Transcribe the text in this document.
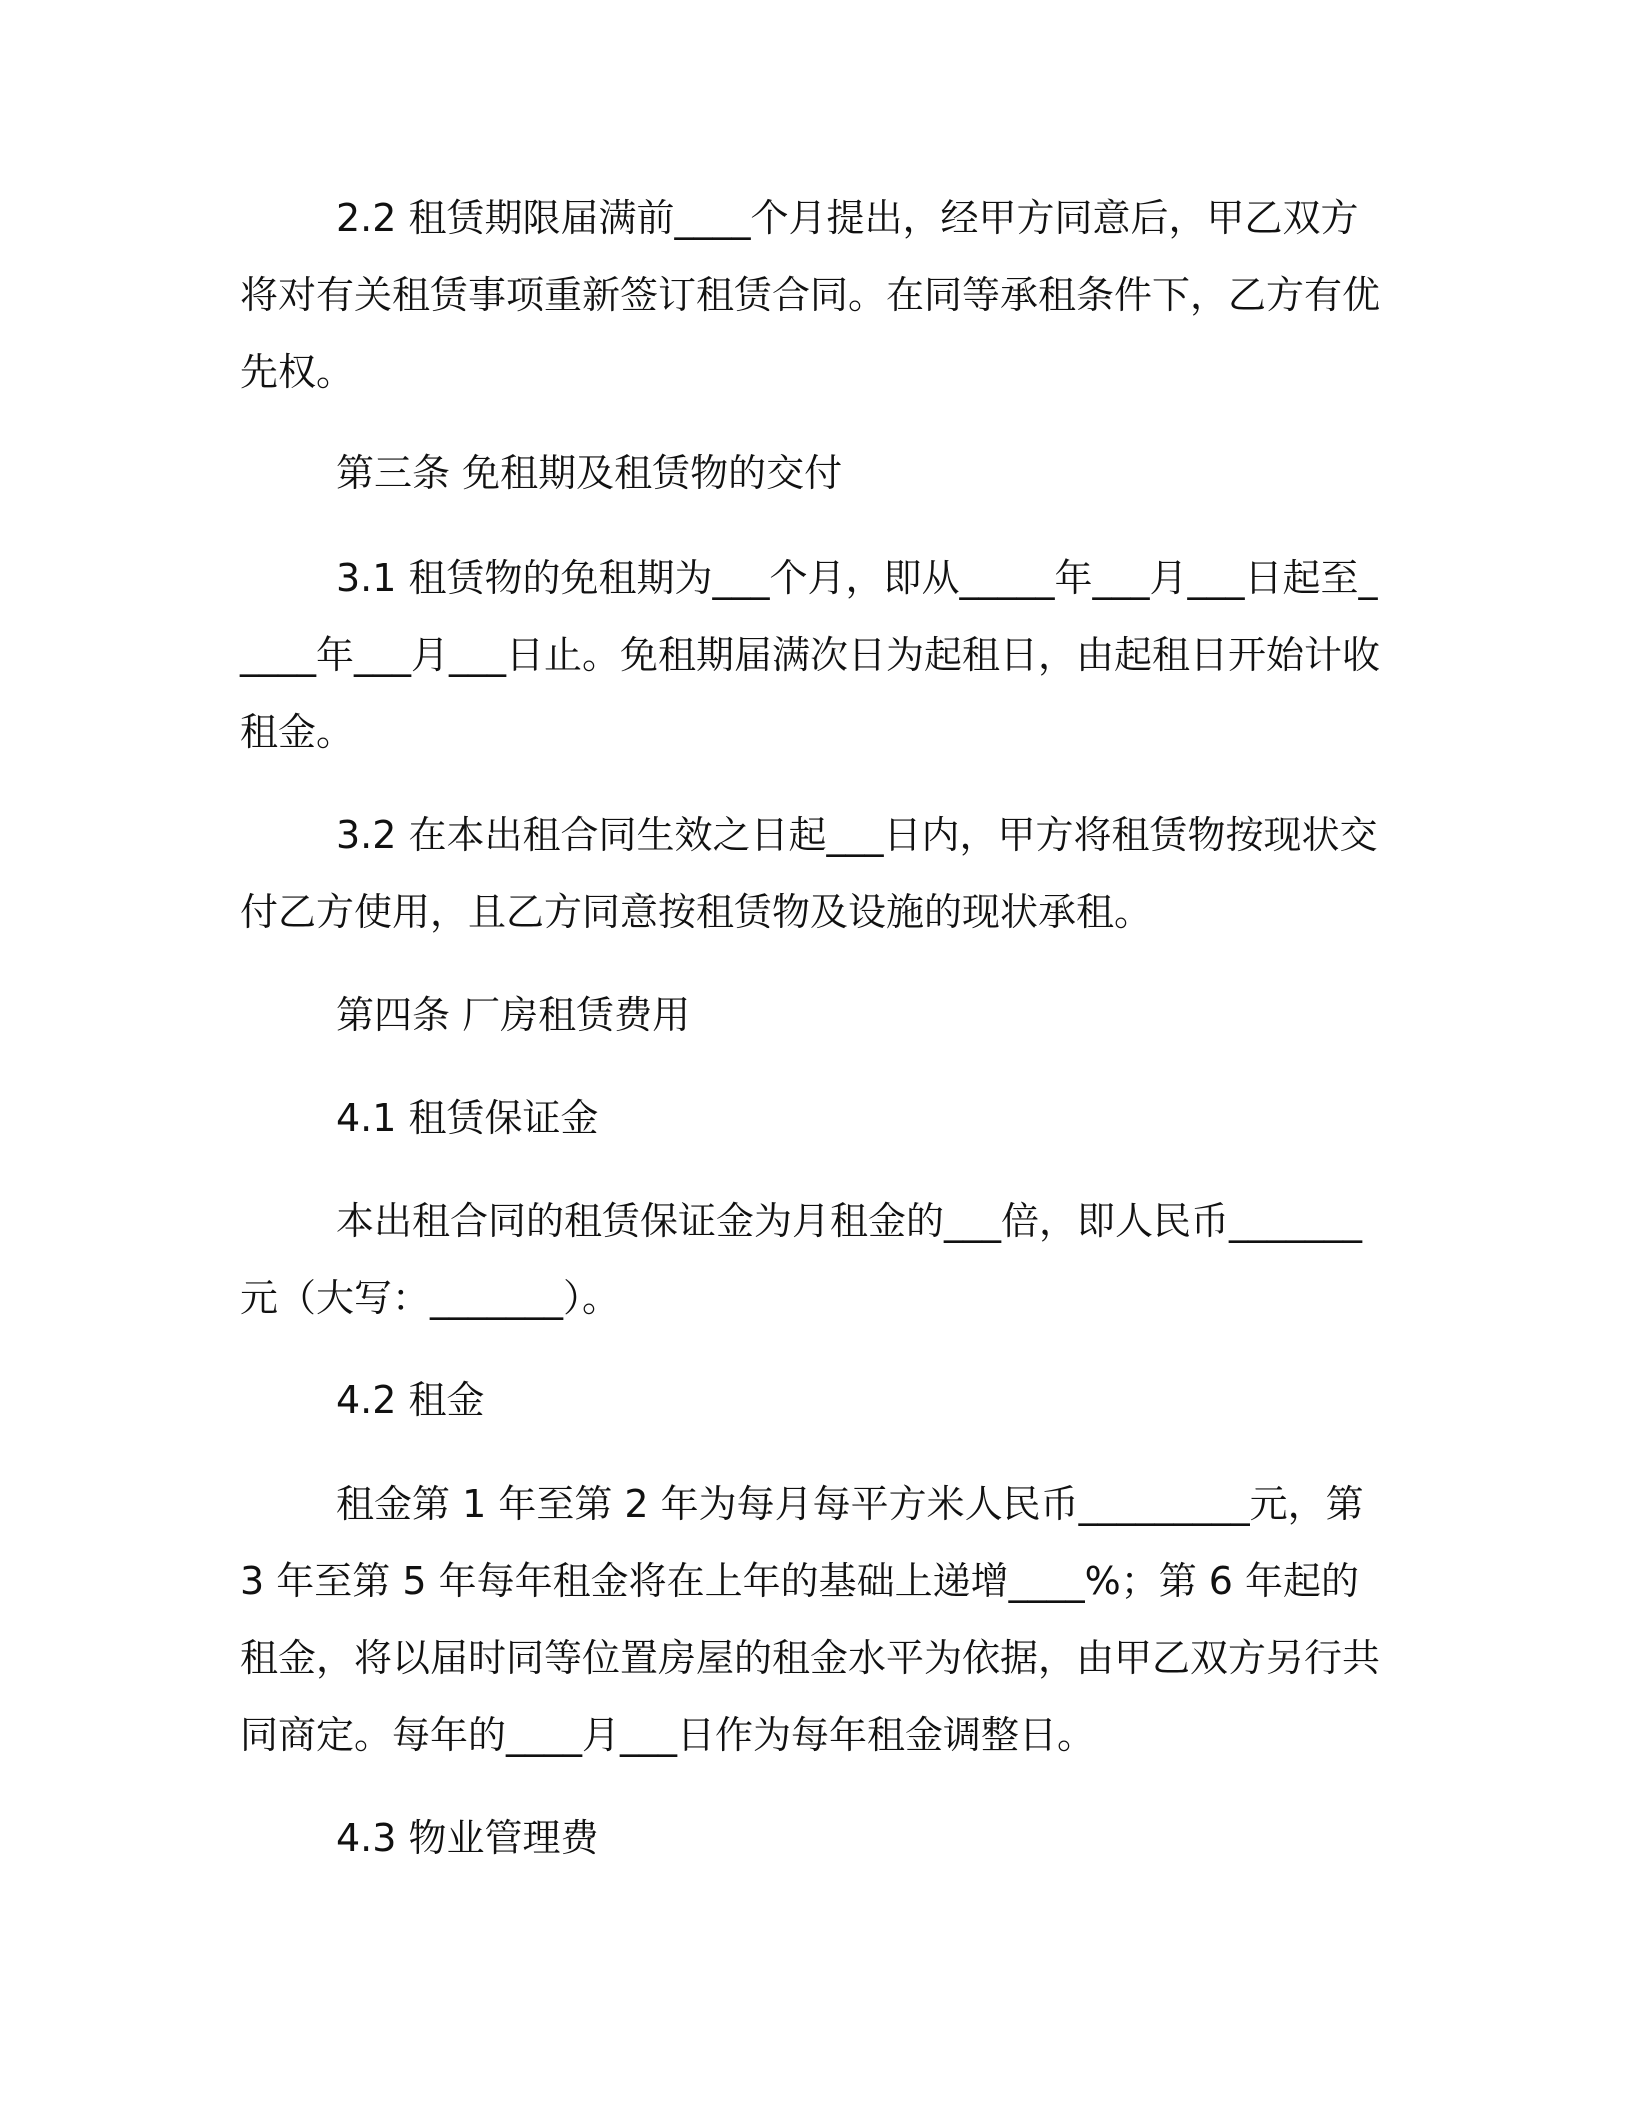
2.2 租赁期限届满前____个月提出，经甲方同意后，甲乙双方将对有关租赁事项重新签订租赁合同。在同等承租条件下，乙方有优先权。

第三条 免租期及租赁物的交付

3.1 租赁物的免租期为___个月，即从_____年___月___日起至_____年___月___日止。免租期届满次日为起租日，由起租日开始计收租金。

3.2 在本出租合同生效之日起___日内，甲方将租赁物按现状交付乙方使用，且乙方同意按租赁物及设施的现状承租。

第四条 厂房租赁费用

4.1 租赁保证金

本出租合同的租赁保证金为月租金的___倍，即人民币_______元（大写：_______）。

4.2 租金

租金第 1 年至第 2 年为每月每平方米人民币_________元，第 3 年至第 5 年每年租金将在上年的基础上递增____%；第 6 年起的租金，将以届时同等位置房屋的租金水平为依据，由甲乙双方另行共同商定。每年的____月___日作为每年租金调整日。

4.3 物业管理费
